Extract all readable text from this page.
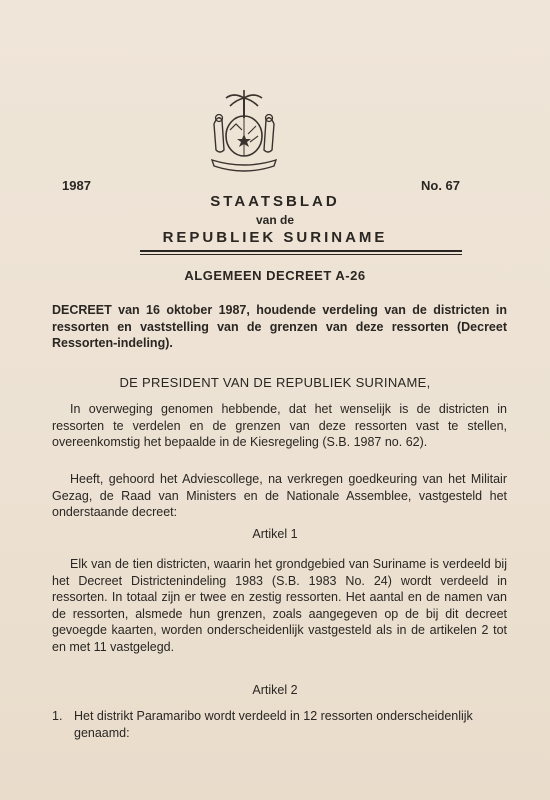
1987	No. 67
STAATSBLAD
van de
REPUBLIEK SURINAME
ALGEMEEN DECREET A-26

DECREET van 16 oktober 1987, houdende verdeling van de districten in ressorten en vaststelling van de grenzen van deze ressorten (Decreet Ressorten-indeling).

DE PRESIDENT VAN DE REPUBLIEK SURINAME,

In overweging genomen hebbende, dat het wenselijk is de districten in ressorten te verdelen en de grenzen van deze ressorten vast te stellen, overeenkomstig het bepaalde in de Kiesregeling (S.B. 1987 no. 62).

Heeft, gehoord het Adviescollege, na verkregen goedkeuring van het Militair Gezag, de Raad van Ministers en de Nationale Assemblee, vastgesteld het onderstaande decreet:

Artikel 1

Elk van de tien districten, waarin het grondgebied van Suriname is verdeeld bij het Decreet Districtenindeling 1983 (S.B. 1983 No. 24) wordt verdeeld in ressorten. In totaal zijn er twee en zestig ressorten. Het aantal en de namen van de ressorten, alsmede hun grenzen, zoals aangegeven op de bij dit decreet gevoegde kaarten, worden onderscheidenlijk vastgesteld als in de artikelen 2 tot en met 11 vastgelegd.

Artikel 2
1. Het distrikt Paramaribo wordt verdeeld in 12 ressorten onderscheidenlijk genaamd:
